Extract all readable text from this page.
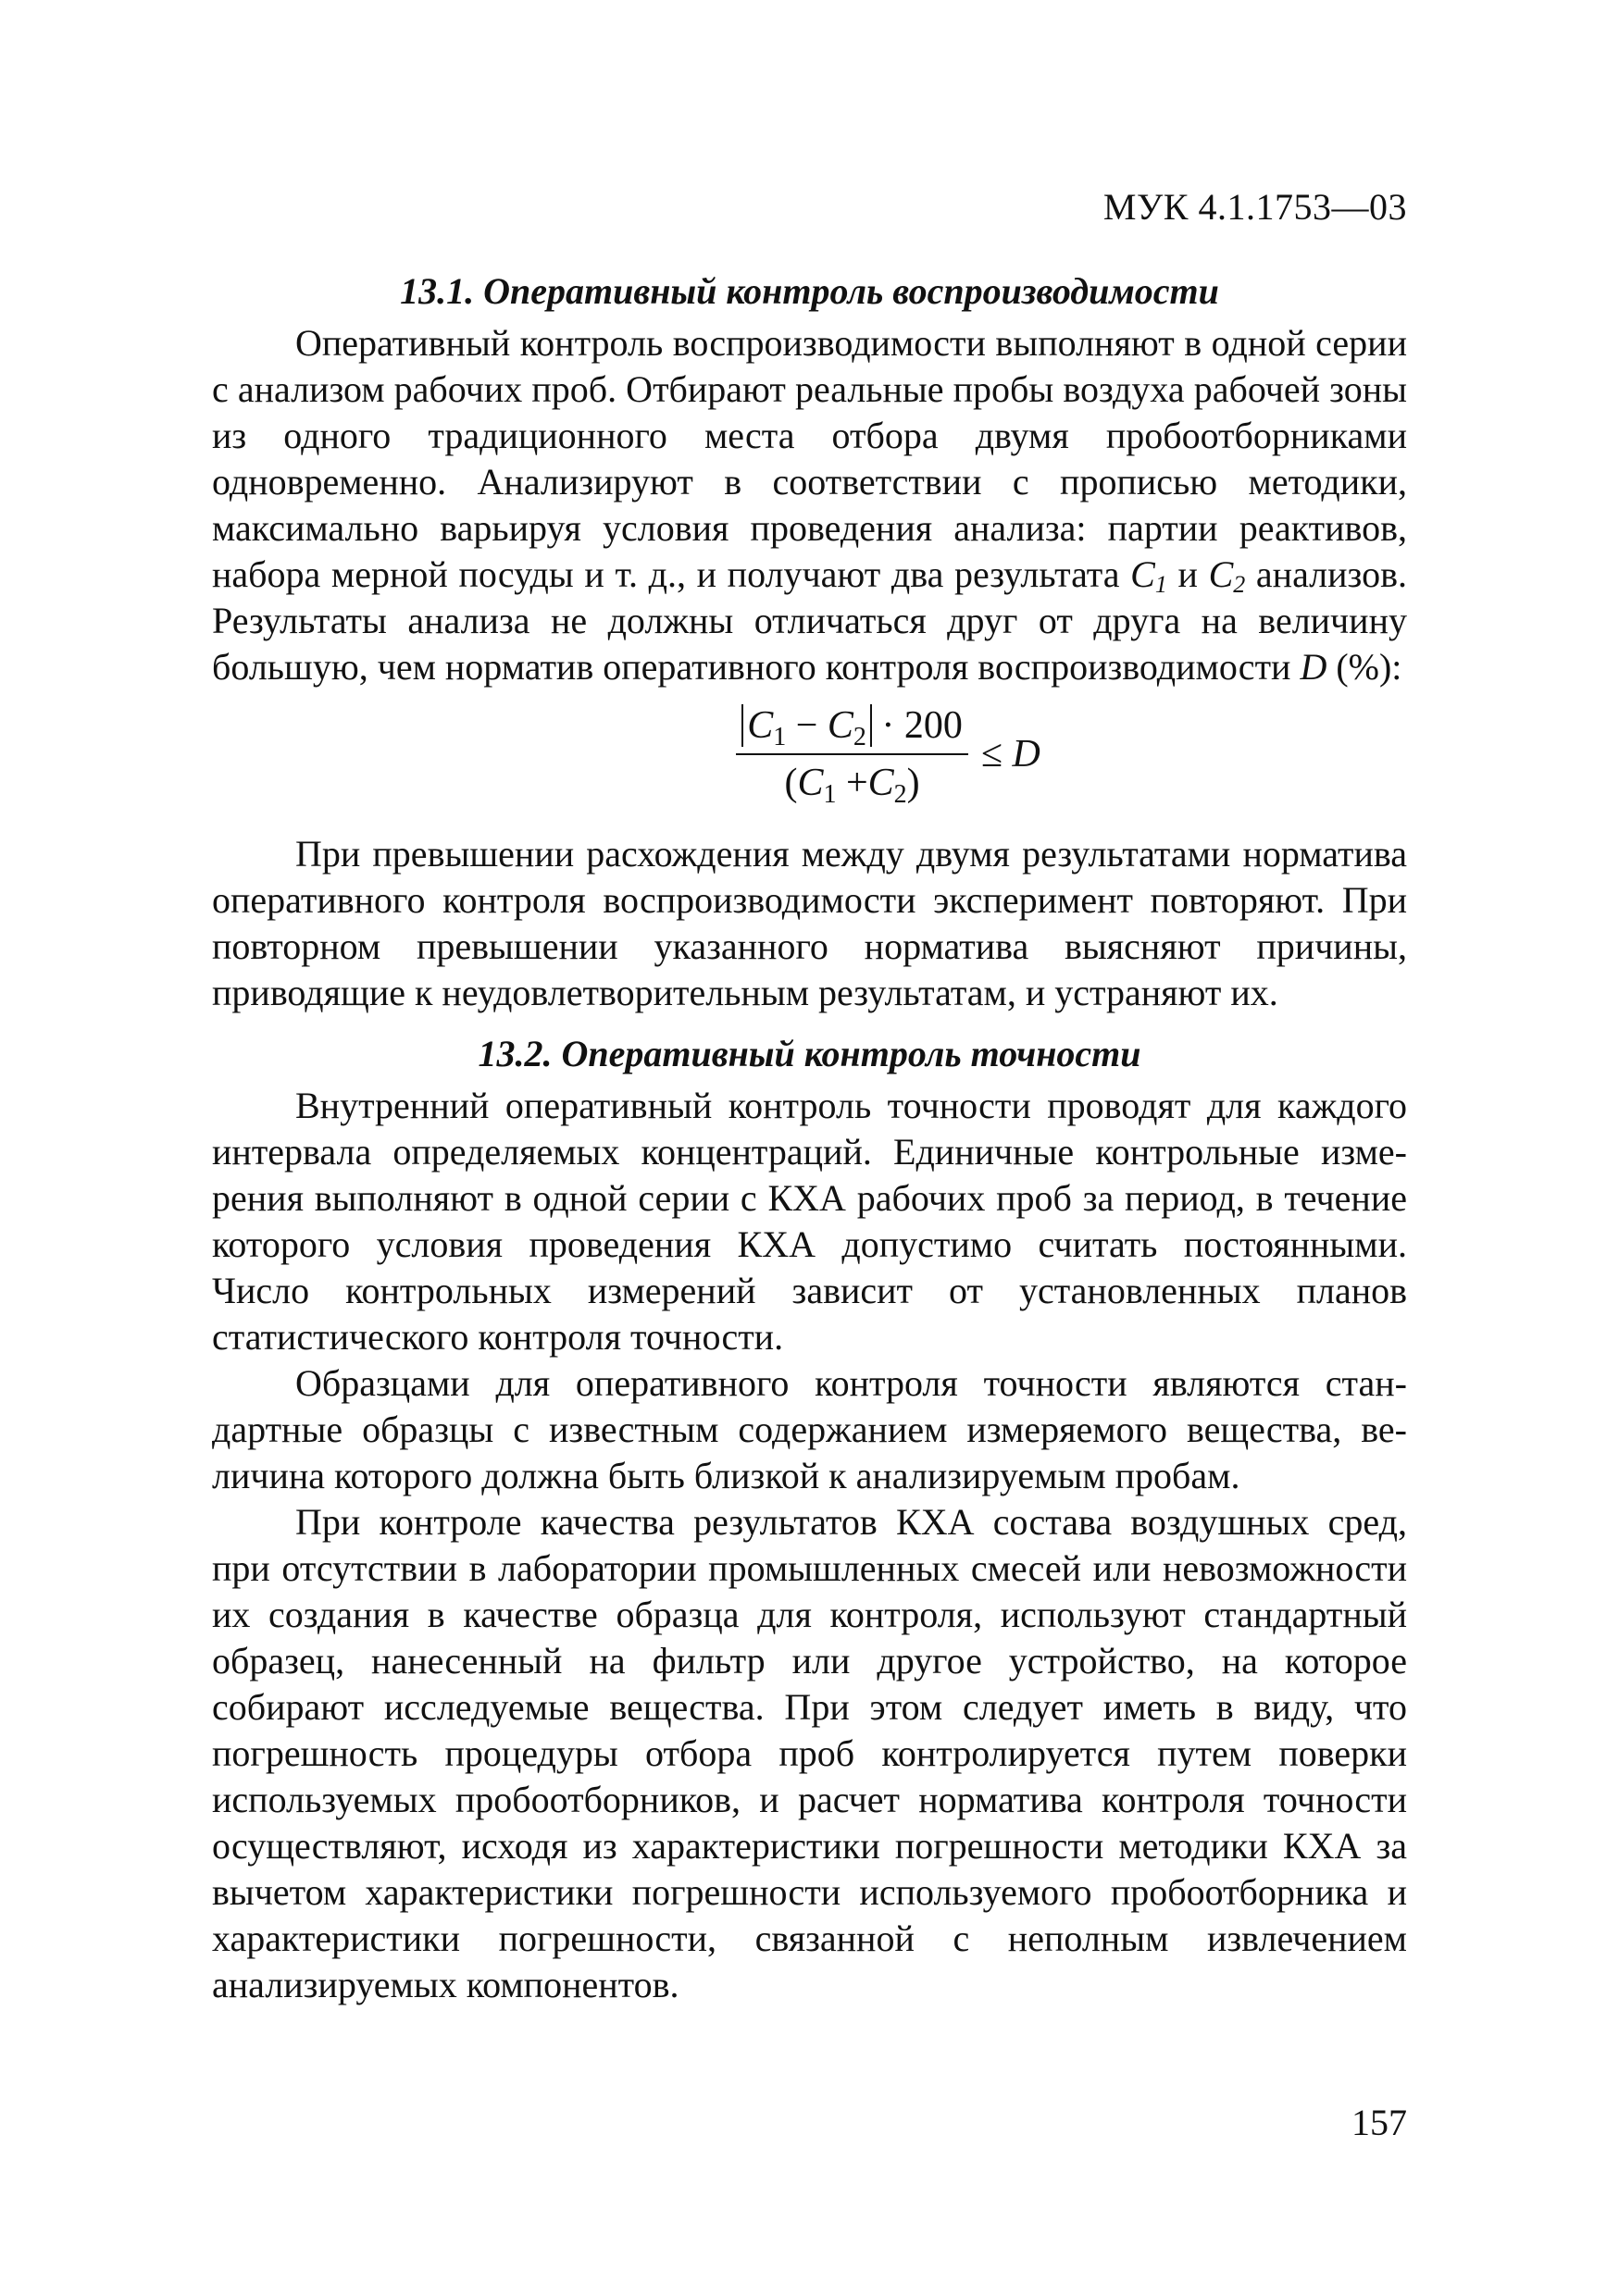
МУК 4.1.1753—03
13.1. Оперативный контроль воспроизводимости

Оперативный контроль воспроизводимости выполняют в одной серии с анализом рабочих проб. Отбирают реальные пробы воздуха рабочей зоны из одного традиционного места отбора двумя пробоотборниками одновременно. Анализируют в соответствии с прописью методики, максимально варьируя условия проведения анализа: партии реактивов, набора мерной посуды и т. д., и получают два результата $C_1$ и $C_2$ анализов. Результаты анализа не должны отличаться друг от друга на величину большую, чем норматив оперативного контроля воспроизводимости D (%):

$\frac{C_1 - C_2 \cdot 200}{(C_1 +C_2)} \le D$

При превышении расхождения между двумя результатами норматива оперативного контроля воспроизводимости эксперимент повторяют. При повторном превышении указанного норматива выясняют причины, приводящие к неудовлетворительным результатам, и устраняют их.

13.2. Оперативный контроль точности

Внутренний оперативный контроль точности проводят для каждого интервала определяемых концентраций. Единичные контрольные измерения выполняют в одной серии с КХА рабочих проб за период, в течение которого условия проведения КХА допустимо считать постоянными. Число контрольных измерений зависит от установленных планов статистического контроля точности.

Образцами для оперативного контроля точности являются стандартные образцы с известным содержанием измеряемого вещества, величина которого должна быть близкой к анализируемым пробам.

При контроле качества результатов КХА состава воздушных сред, при отсутствии в лаборатории промышленных смесей или невозможности их создания в качестве образца для контроля, используют стандартный образец, нанесенный на фильтр или другое устройство, на которое собирают исследуемые вещества. При этом следует иметь в виду, что погрешность процедуры отбора проб контролируется путем поверки используемых пробоотборников, и расчет норматива контроля точности осуществляют, исходя из характеристики погрешности методики КХА за вычетом характеристики погрешности используемого пробоотборника и характеристики погрешности, связанной с неполным извлечением анализируемых компонентов.

157
